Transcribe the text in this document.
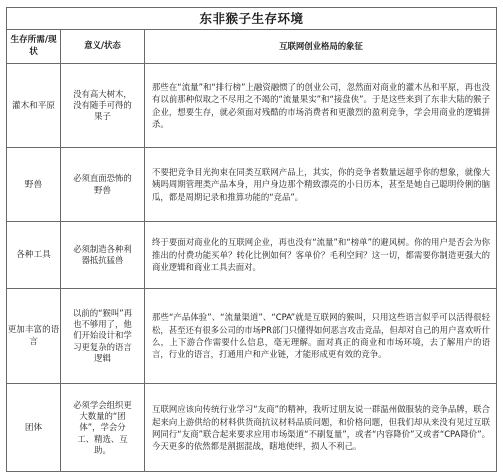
东非猴子生存环境
生存所需/现状
意义/状态	互联网创业格局的象征
灌木和平原
没有高大树木，没有随手可得的果子
那些在“流量”和“排行榜”上融资融惯了的创业公司，忽然面对商业的灌木丛和平原，再也没有以前那种似取之不尽用之不竭的“流量果实”和“接盘侠”。于是这些来到了东非大陆的猴子企业，想要生存，就必须面对残酷的市场消费者和更激烈的盈利竞争，学会用商业的逻辑拼杀。
野兽
必须直面恐怖的野兽
不要把竞争目光拘束在同类互联网产品上，其实，你的竞争者数量远超乎你的想象，就像大姨吗周期管理类产品本身，用户身边那个精致漂亮的小日历本，甚至是她自己聪明伶俐的脑瓜，都是周期记录和推算功能的“竞品”。
各种工具
必须制造各种利器抵抗猛兽
终于要面对商业化的互联网企业，再也没有“流量”和“榜单”的避风树。你的用户是否会为你推出的付费功能买单？转化比例如何？客单价？毛利空间？这一切，都需要你制造更强大的商业逻辑和商业工具去面对。
更加丰富的语言
以前的“猴叫”再也不够用了，他们开始设计和学习更复杂的语言逻辑
那些“产品体验”、“流量渠道”、“CPA”就是互联网的猴叫，只用这些语言似乎可以活得很轻松，甚至还有很多公司的市场PR部门只懂得如何恶言攻击竞品，但却对自己的用户喜欢听什么，上下游合作需要什么信息，毫无理解。面对真正的商业和市场环境，去了解用户的语言，行业的语言，打通用户和产业链，才能形成更有效的竞争。
团体
必须学会组织更大数量的“团体”，学会分工、精选、互助。
互联网应该向传统行业学习“友商”的精神，我听过朋友说一群温州做服装的竞争品牌，联合起来向上游供给的材料供货商抗议材料品质问题，和价格问题，但我们却从来没有见过互联网同行“友商”联合起来要求应用市场渠道“不刷复量”，或者“内容降价”又或者“CPA降价”。今天更多的依然都是割据混战，瞎地使绊，损人不利己。
